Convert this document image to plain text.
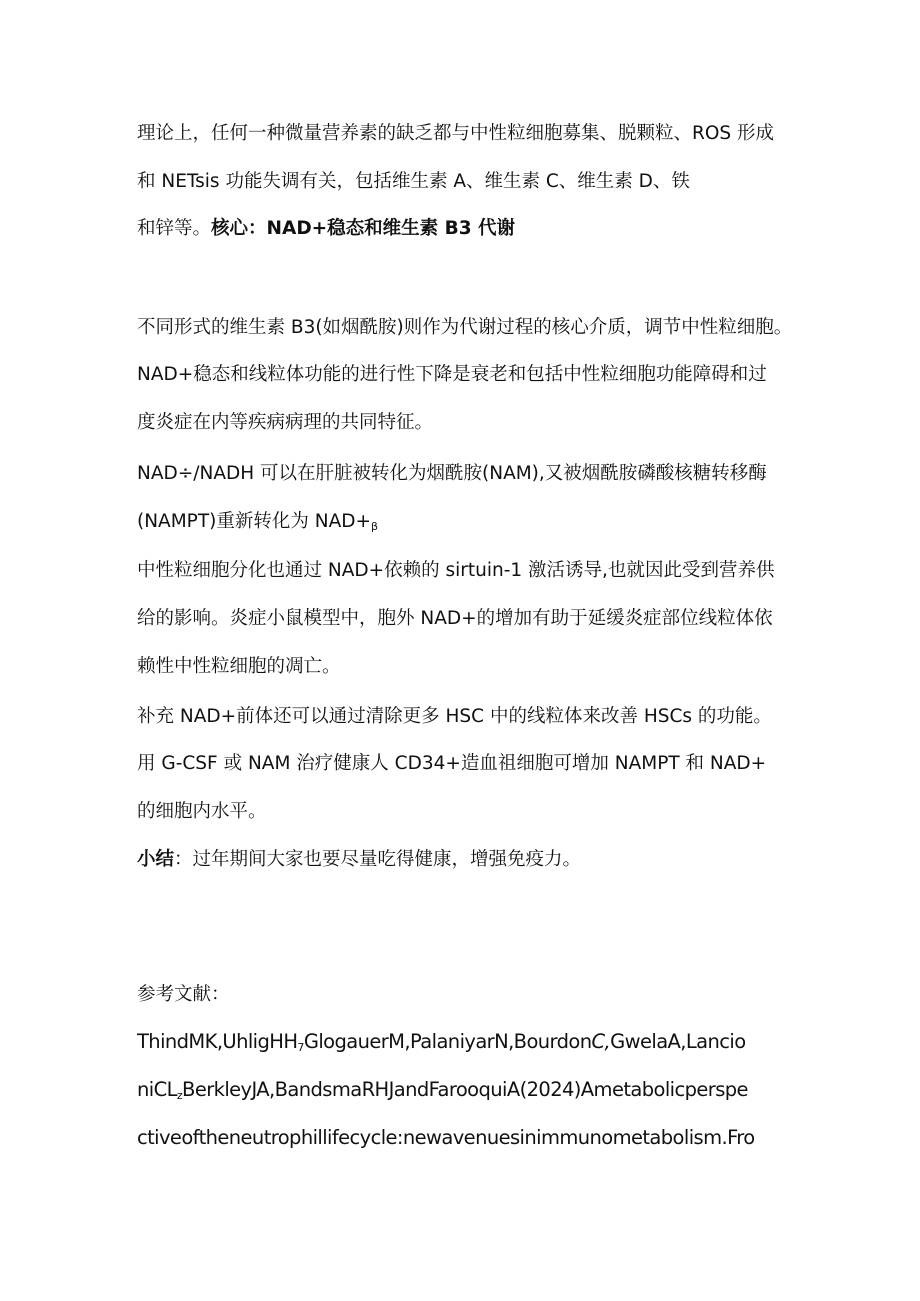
理论上，任何一种微量营养素的缺乏都与中性粒细胞募集、脱颗粒、ROS 形成
和 NETsis 功能失调有关，包括维生素 A、维生素 C、维生素 D、铁
和锌等。核心：NAD+稳态和维生素 B3 代谢
不同形式的维生素 B3(如烟酰胺)则作为代谢过程的核心介质，调节中性粒细胞。
NAD+稳态和线粒体功能的进行性下降是衰老和包括中性粒细胞功能障碍和过
度炎症在内等疾病病理的共同特征。
NAD÷∕NADH 可以在肝脏被转化为烟酰胺(NAM),又被烟酰胺磷酸核糖转移酶
(NAMPT)重新转化为 $NAD+_\beta$
中性粒细胞分化也通过 NAD+依赖的 sirtuin-1 激活诱导,也就因此受到营养供
给的影响。炎症小鼠模型中，胞外 NAD+的增加有助于延缓炎症部位线粒体依
赖性中性粒细胞的凋亡。
补充 NAD+前体还可以通过清除更多 HSC 中的线粒体来改善 HSCs 的功能。
用 G-CSF 或 NAM 治疗健康人 CD34+造血祖细胞可增加 NAMPT 和 NAD+
的细胞内水平。
小结：过年期间大家也要尽量吃得健康，增强免疫力。
参考文献：
ThindMK,UhligHH$_7$GlogauerM,PalaniyarN,BourdonC,GwelaA,Lancio
niCL$_z$BerkleyJA,BandsmaRHJandFarooquiA(2024)Ametabolicperspe
ctiveoftheneutrophillifecycle:newavenuesinimmunometabolism.Fro
